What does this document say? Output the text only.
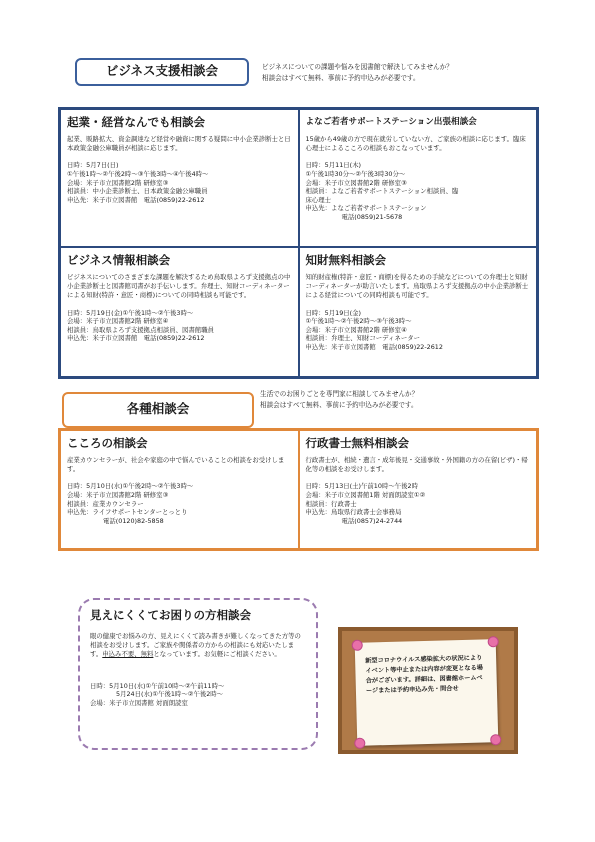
ビジネス支援相談会	ビジネスについての課題や悩みを図書館で解決してみませんか？
相談会はすべて無料、事前に予約申込みが必要です。
起業・経営なんでも相談会
起業、販路拡大、資金調達など経営や融資に関する疑問に中小企業診断士と日本政策金融公庫職員が相談に応じます。
日時：5月7日(日)
①午後1時～②午後2時～③午後3時～④午後4時～
会場：米子市立図書館2階 研修室③
相談員：中小企業診断士、日本政策金融公庫職員
申込先：米子市立図書館　電話(0859)22-2612
よなご若者サポートステーション出張相談会
15歳から49歳の方で現在就労していない方、ご家族の相談に応じます。臨床心理士によるこころの相談もおこなっています。
日時：5月11日(木)
①午後1時30分～②午後3時30分～
会場：米子市立図書館2階 研修室③
相談員：よなご若者サポートステーション相談員、臨
床心理士
申込先：よなご若者サポートステーション
電話(0859)21-5678
ビジネス情報相談会
ビジネスについてのさまざまな課題を解決するため鳥取県よろず支援拠点の中小企業診断士と図書館司書がお手伝いします。弁理士、知財コーディネーターによる知財(特許・意匠・商標)についての同時相談も可能です。
日時：5月19日(金)①午後1時～②午後3時～
会場：米子市立図書館2階 研修室④
相談員：鳥取県よろず支援拠点相談員、図書館職員
申込先：米子市立図書館　電話(0859)22-2612
知財無料相談会
知的財産権(特許・意匠・商標)を得るための手続などについての弁理士と知財コーディネーターが助言いたします。鳥取県よろず支援拠点の中小企業診断士による経営についての同時相談も可能です。
日時：5月19日(金)
①午後1時～②午後2時～③午後3時～
会場：米子市立図書館2階 研修室④
相談員：弁理士、知財コーディネーター
申込先：米子市立図書館　電話(0859)22-2612
各種相談会
生活でのお困りごとを専門家に相談してみませんか？
相談会はすべて無料、事前に予約申込みが必要です。
こころの相談会
産業カウンセラーが、社会や家庭の中で悩んでいることの相談をお受けします。
日時：5月10日(水)①午後2時～②午後3時～
会場：米子市立図書館2階 研修室③
相談員：産業カウンセラー
申込先：ライフサポートセンターとっとり
電話(0120)82-5858
行政書士無料相談会
行政書士が、相続・遺言・成年後見・交通事故・外国籍の方の在留(ビザ)・帰化等の相談をお受けします。
日時：5月13日(土)午前10時～午後2時
会場：米子市立図書館1階 対面朗読室①②
相談員：行政書士
申込先：鳥取県行政書士会事務局
電話(0857)24-2744
見えにくくてお困りの方相談会
眼の健康でお悩みの方、見えにくくて読み書きが難しくなってきた方等の相談をお受けします。ご家族や関係者の方からの相談にも対応いたします。申込み不要、無料となっています。お気軽にご相談ください。
日時：5月10日(水)①午前10時～②午前11時～
5月24日(水)①午後1時～②午後2時～
会場：米子市立図書館 対面朗読室
新型コロナウイルス感染拡大の状況によりイベント等中止または内容が変更となる場合がございます。詳細は、図書館ホームページまたは予約申込み先・問合せ
